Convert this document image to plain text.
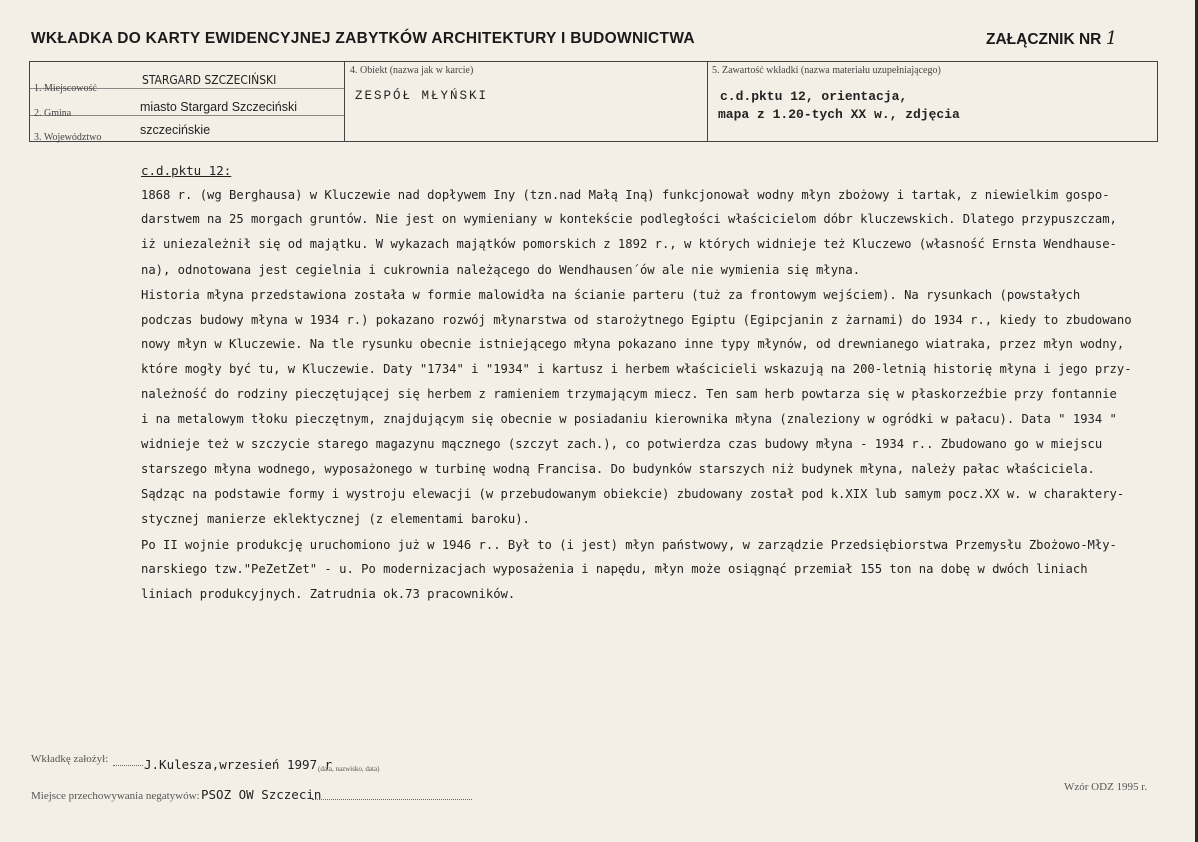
WKŁADKA DO KARTY EWIDENCYJNEJ ZABYTKÓW ARCHITEKTURY I BUDOWNICTWA	ZAŁĄCZNIK NR 1
1. Miejscowość
STARGARD SZCZECIŃSKI
2. Gmina	miasto Stargard Szczeciński
3. Województwo
szczecińskie
4. Obiekt (nazwa jak w karcie)
ZESPÓŁ MŁYŃSKI
5. Zawartość wkładki (nazwa materiału uzupełniającego)
c.d.pktu 12, orientacja,
mapa z 1.20-tych XX w., zdjęcia
c.d.pktu 12:
1868 r. (wg Berghausa) w Kluczewie nad dopływem Iny (tzn.nad Małą Iną) funkcjonował wodny młyn zbożowy i tartak, z niewielkim gospo-
darstwem na 25 morgach gruntów. Nie jest on wymieniany w kontekście podległości właścicielom dóbr kluczewskich. Dlatego przypuszczam,
iż uniezależnił się od majątku. W wykazach majątków pomorskich z 1892 r., w których widnieje też Kluczewo (własność Ernsta Wendhause-
na), odnotowana jest cegielnia i cukrownia należącego do Wendhausen´ów ale nie wymienia się młyna.
Historia młyna przedstawiona została w formie malowidła na ścianie parteru (tuż za frontowym wejściem). Na rysunkach (powstałych
podczas budowy młyna w 1934 r.) pokazano rozwój młynarstwa od starożytnego Egiptu (Egipcjanin z żarnami) do 1934 r., kiedy to zbudowano
nowy młyn w Kluczewie. Na tle rysunku obecnie istniejącego młyna pokazano inne typy młynów, od drewnianego wiatraka, przez młyn wodny,
które mogły być tu, w Kluczewie. Daty "1734" i "1934" i kartusz i herbem właścicieli wskazują na 200-letnią historię młyna i jego przy-
należność do rodziny pieczętującej się herbem z ramieniem trzymającym miecz. Ten sam herb powtarza się w płaskorzeźbie przy fontannie
i na metalowym tłoku pieczętnym, znajdującym się obecnie w posiadaniu kierownika młyna (znaleziony w ogródki w pałacu). Data " 1934 "
widnieje też w szczycie starego magazynu mącznego (szczyt zach.), co potwierdza czas budowy młyna - 1934 r.. Zbudowano go w miejscu
starszego młyna wodnego, wyposażonego w turbinę wodną Francisa. Do budynków starszych niż budynek młyna, należy pałac właściciela.
Sądząc na podstawie formy i wystroju elewacji (w przebudowanym obiekcie) zbudowany został pod k.XIX lub samym pocz.XX w. w charaktery-
stycznej manierze eklektycznej (z elementami baroku).
Po II wojnie produkcję uruchomiono już w 1946 r.. Był to (i jest) młyn państwowy, w zarządzie Przedsiębiorstwa Przemysłu Zbożowo-Mły-
narskiego tzw."PeZetZet" - u. Po modernizacjach wyposażenia i napędu, młyn może osiągnąć przemiał 155 ton na dobę w dwóch liniach
liniach produkcyjnych. Zatrudnia ok.73 pracowników.
Wkładkę założył:	J.Kulesza,wrzesień 1997 r
(data, nazwisko, data)
Miejsce przechowywania negatywów: PSOZ OW Szczecin	Wzór ODZ 1995 r.
